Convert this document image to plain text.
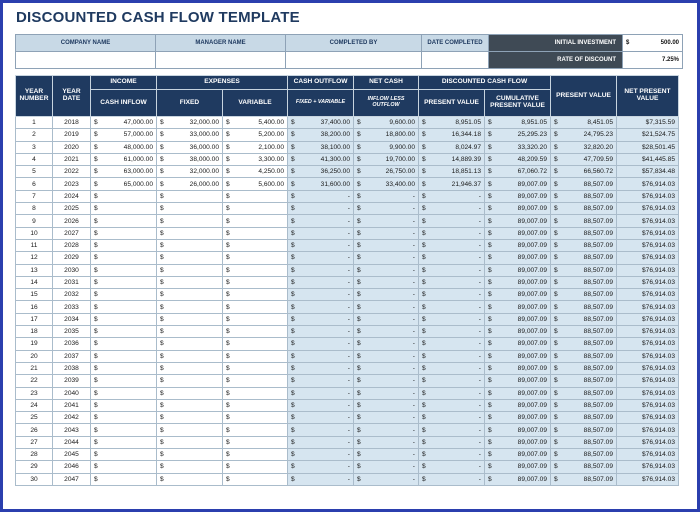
DISCOUNTED CASH FLOW TEMPLATE
COMPANY NAME	MANAGER NAME	COMPLETED BY	DATE COMPLETED	INITIAL INVESTMENT	$ 500.00

				RATE OF DISCOUNT	7.25%
YEAR NUMBER	YEAR DATE	INCOME	EXPENSES		CASH OUTFLOW	NET CASH	DISCOUNTED CASH FLOW		PRESENT VALUE	NET PRESENT VALUE
		CASH INFLOW	FIXED	VARIABLE	FIXED + VARIABLE	INFLOW LESS OUTFLOW	PRESENT VALUE	CUMULATIVE PRESENT VALUE		
1	2018	$ 47,000.00	$ 32,000.00	$ 5,400.00	$ 37,400.00	$ 9,600.00	$ 8,951.05	$ 8,951.05	$ 8,451.05	$7,315.59
2	2019	$ 57,000.00	$ 33,000.00	$ 5,200.00	$ 38,200.00	$ 18,800.00	$ 16,344.18	$ 25,295.23	$ 24,795.23	$21,524.75
3	2020	$ 48,000.00	$ 36,000.00	$ 2,100.00	$ 38,100.00	$ 9,900.00	$ 8,024.97	$ 33,320.20	$ 32,820.20	$28,501.45
4	2021	$ 61,000.00	$ 38,000.00	$ 3,300.00	$ 41,300.00	$ 19,700.00	$ 14,889.39	$ 48,209.59	$ 47,709.59	$41,445.85
5	2022	$ 63,000.00	$ 32,000.00	$ 4,250.00	$ 36,250.00	$ 26,750.00	$ 18,851.13	$ 67,060.72	$ 66,560.72	$57,834.48
6	2023	$ 65,000.00	$ 26,000.00	$ 5,600.00	$ 31,600.00	$ 33,400.00	$ 21,946.37	$ 89,007.09	$ 88,507.09	$76,914.03
7	2024	$	$	$	$ -	$ -	$ -	$ 89,007.09	$ 88,507.09	$76,914.03
8	2025	$	$	$	$ -	$ -	$ -	$ 89,007.09	$ 88,507.09	$76,914.03
9	2026	$	$	$	$ -	$ -	$ -	$ 89,007.09	$ 88,507.09	$76,914.03
10	2027	$	$	$	$ -	$ -	$ -	$ 89,007.09	$ 88,507.09	$76,914.03
11	2028	$	$	$	$ -	$ -	$ -	$ 89,007.09	$ 88,507.09	$76,914.03
12	2029	$	$	$	$ -	$ -	$ -	$ 89,007.09	$ 88,507.09	$76,914.03
13	2030	$	$	$	$ -	$ -	$ -	$ 89,007.09	$ 88,507.09	$76,914.03
14	2031	$	$	$	$ -	$ -	$ -	$ 89,007.09	$ 88,507.09	$76,914.03
15	2032	$	$	$	$ -	$ -	$ -	$ 89,007.09	$ 88,507.09	$76,914.03
16	2033	$	$	$	$ -	$ -	$ -	$ 89,007.09	$ 88,507.09	$76,914.03
17	2034	$	$	$	$ -	$ -	$ -	$ 89,007.09	$ 88,507.09	$76,914.03
18	2035	$	$	$	$ -	$ -	$ -	$ 89,007.09	$ 88,507.09	$76,914.03
19	2036	$	$	$	$ -	$ -	$ -	$ 89,007.09	$ 88,507.09	$76,914.03
20	2037	$	$	$	$ -	$ -	$ -	$ 89,007.09	$ 88,507.09	$76,914.03
21	2038	$	$	$	$ -	$ -	$ -	$ 89,007.09	$ 88,507.09	$76,914.03
22	2039	$	$	$	$ -	$ -	$ -	$ 89,007.09	$ 88,507.09	$76,914.03
23	2040	$	$	$	$ -	$ -	$ -	$ 89,007.09	$ 88,507.09	$76,914.03
24	2041	$	$	$	$ -	$ -	$ -	$ 89,007.09	$ 88,507.09	$76,914.03
25	2042	$	$	$	$ -	$ -	$ -	$ 89,007.09	$ 88,507.09	$76,914.03
26	2043	$	$	$	$ -	$ -	$ -	$ 89,007.09	$ 88,507.09	$76,914.03
27	2044	$	$	$	$ -	$ -	$ -	$ 89,007.09	$ 88,507.09	$76,914.03
28	2045	$	$	$	$ -	$ -	$ -	$ 89,007.09	$ 88,507.09	$76,914.03
29	2046	$	$	$	$ -	$ -	$ -	$ 89,007.09	$ 88,507.09	$76,914.03
30	2047	$	$	$	$ -	$ -	$ -	$ 89,007.09	$ 88,507.09	$76,914.03
